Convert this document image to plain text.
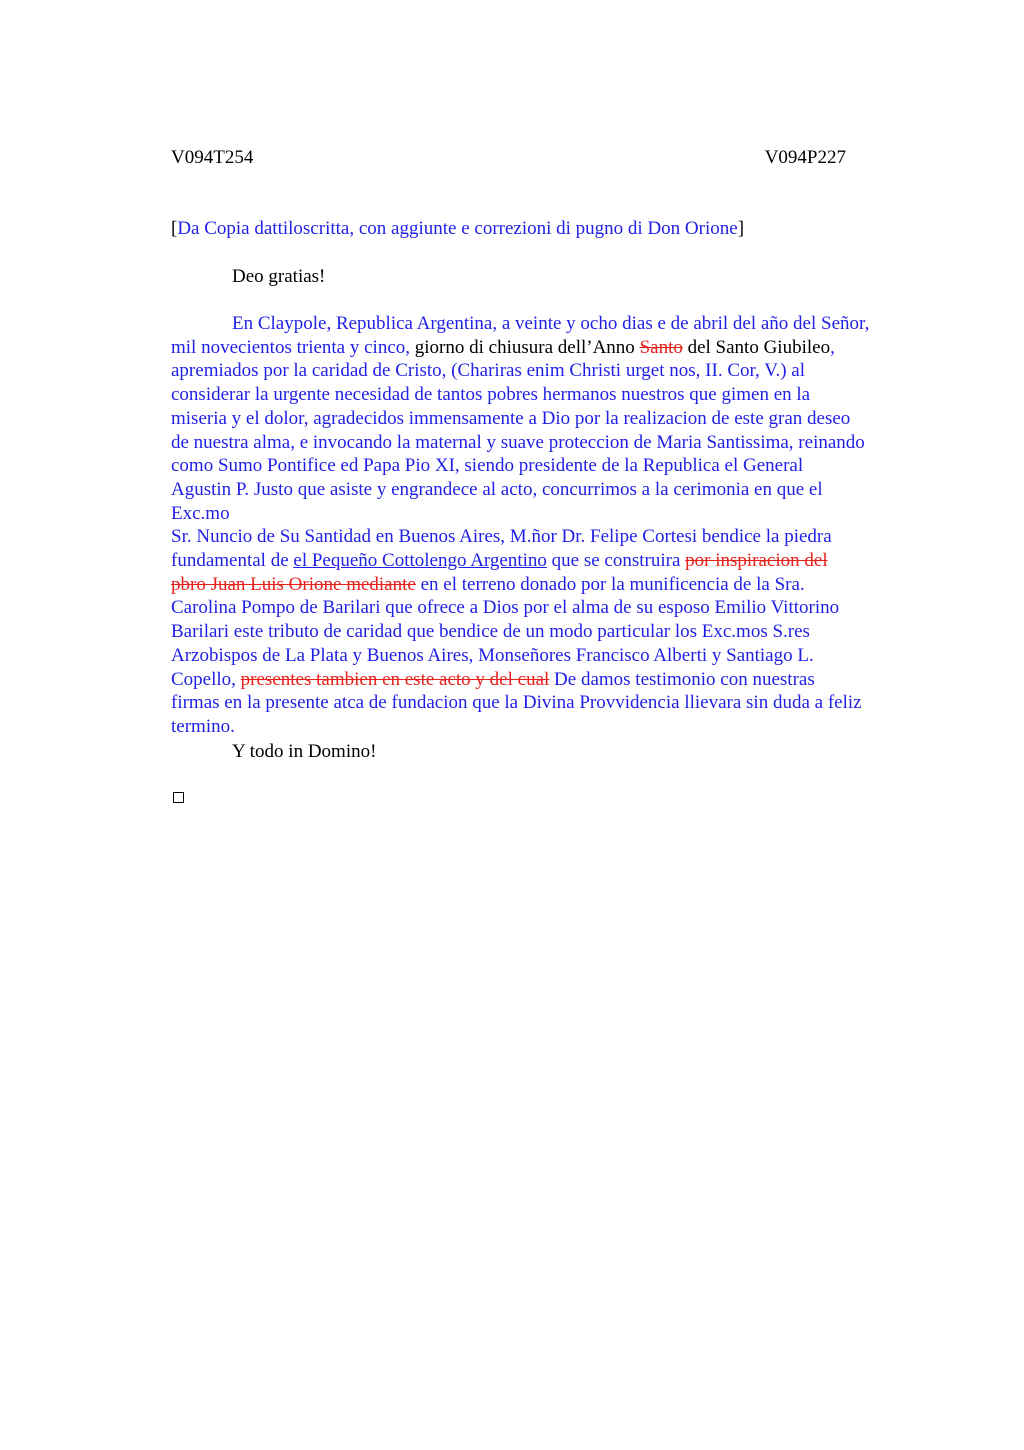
V094T254	V094P227
[Da Copia dattiloscritta, con aggiunte e correzioni di pugno di Don Orione]
Deo gratias!
En Claypole, Republica Argentina, a veinte y ocho dias e de abril del año del Señor,
mil novecientos trienta y cinco, giorno di chiusura dell’Anno Santo del Santo Giubileo,
apremiados por la caridad de Cristo, (Chariras enim Christi urget nos, II. Cor, V.) al
considerar la urgente necesidad de tantos pobres hermanos nuestros que gimen en la
miseria y el dolor, agradecidos immensamente a Dio por la realizacion de este gran deseo
de nuestra alma, e invocando la maternal y suave proteccion de Maria Santissima, reinando
como Sumo Pontifice ed Papa Pio XI, siendo presidente de la Republica el General
Agustin P. Justo que asiste y engrandece al acto, concurrimos a la cerimonia en que el
Exc.mo
Sr. Nuncio de Su Santidad en Buenos Aires, M.ñor Dr. Felipe Cortesi bendice la piedra
fundamental de el Pequeño Cottolengo Argentino que se construira por inspiracion del
pbro Juan Luis Orione mediante en el terreno donado por la munificencia de la Sra.
Carolina Pompo de Barilari que ofrece a Dios por el alma de su esposo Emilio Vittorino
Barilari este tributo de caridad que bendice de un modo particular los Exc.mos S.res
Arzobispos de La Plata y Buenos Aires, Monseñores Francisco Alberti y Santiago L.
Copello, presentes tambien en este acto y del cual De damos testimonio con nuestras
firmas en la presente atca de fundacion que la Divina Provvidencia llievara sin duda a feliz
termino.
Y todo in Domino!
